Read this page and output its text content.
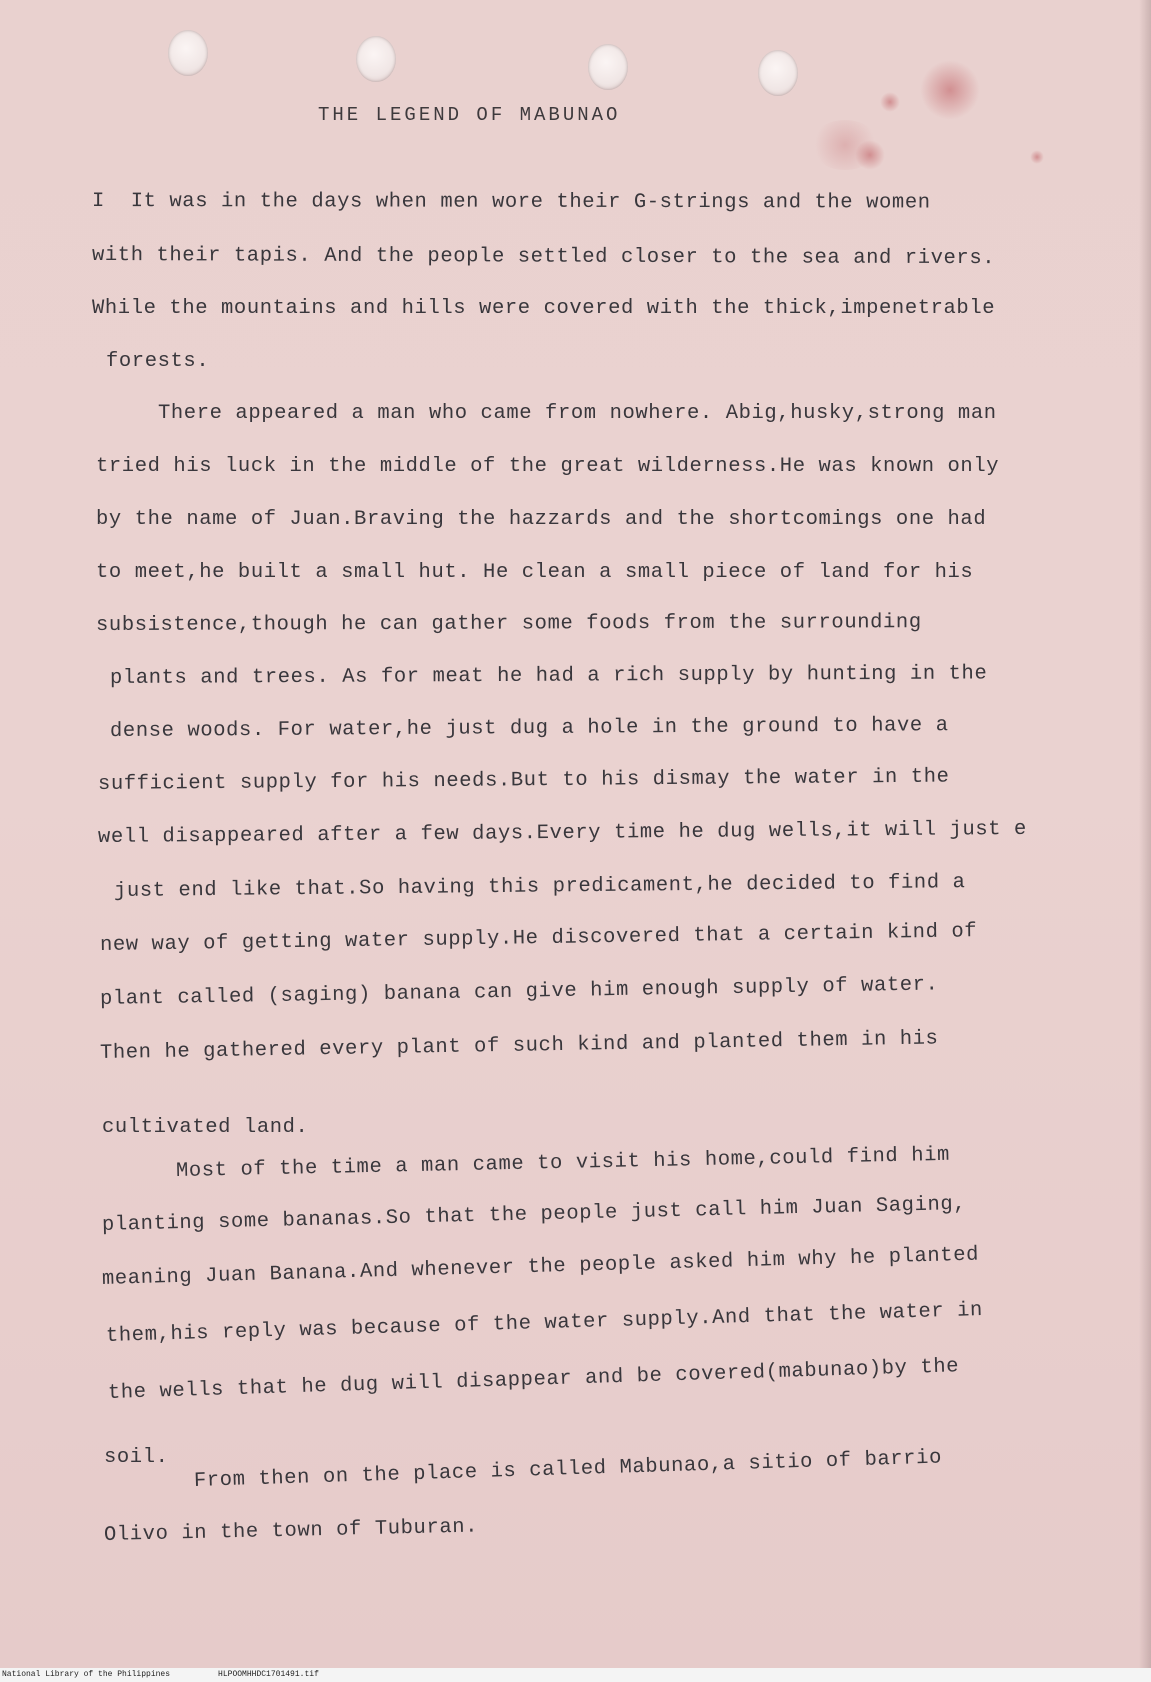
THE LEGEND OF MABUNAO
I  It was in the days when men wore their G-strings and the women
with their tapis. And the people settled closer to the sea and rivers.
While the mountains and hills were covered with the thick,impenetrable
forests.
There appeared a man who came from nowhere. Abig,husky,strong man
tried his luck in the middle of the great wilderness.He was known only
by the name of Juan.Braving the hazzards and the shortcomings one had
to meet,he built a small hut. He clean a small piece of land for his
subsistence,though he can gather some foods from the surrounding
plants and trees. As for meat he had a rich supply by hunting in the
dense woods. For water,he just dug a hole in the ground to have a
sufficient supply for his needs.But to his dismay the water in the
well disappeared after a few days.Every time he dug wells,it will just e
just end like that.So having this predicament,he decided to find a
new way of getting water supply.He discovered that a certain kind of
plant called (saging) banana can give him enough supply of water.
Then he gathered every plant of such kind and planted them in his
cultivated land.
Most of the time a man came to visit his home,could find him
planting some bananas.So that the people just call him Juan Saging,
meaning Juan Banana.And whenever the people asked him why he planted
them,his reply was because of the water supply.And that the water in
the wells that he dug will disappear and be covered(mabunao)by the
soil. From then on the place is called Mabunao,a sitio of barrio
Olivo in the town of Tuburan.
National Library of the Philippines	HLPOOMHHDC1701491.tif
